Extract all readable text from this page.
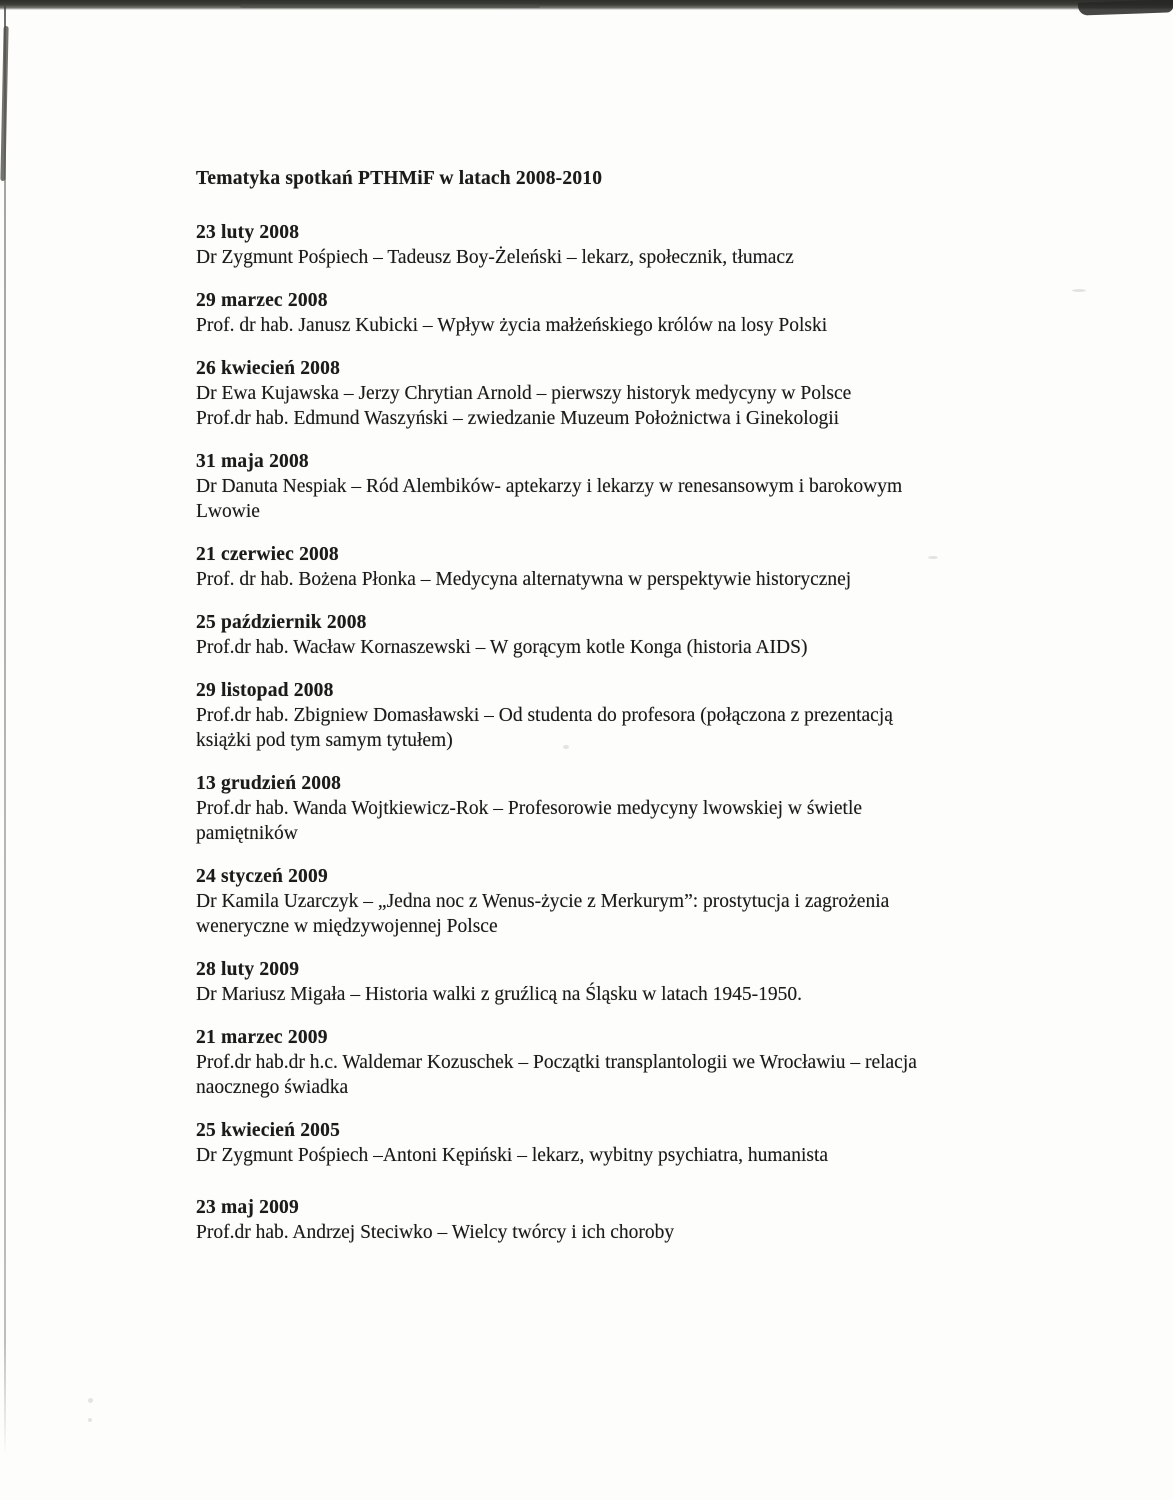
Tematyka spotkań PTHMiF w latach 2008-2010
23 luty 2008
Dr Zygmunt Pośpiech – Tadeusz Boy-Żeleński – lekarz, społecznik, tłumacz
29 marzec 2008
Prof. dr hab. Janusz Kubicki – Wpływ życia małżeńskiego królów na losy Polski
26 kwiecień 2008
Dr Ewa Kujawska – Jerzy Chrytian Arnold – pierwszy historyk medycyny w Polsce
Prof.dr hab. Edmund Waszyński – zwiedzanie Muzeum Położnictwa i Ginekologii
31 maja 2008
Dr Danuta Nespiak – Ród Alembików- aptekarzy i lekarzy w renesansowym i barokowym
Lwowie
21 czerwiec 2008
Prof. dr hab. Bożena Płonka – Medycyna alternatywna w perspektywie historycznej
25 październik 2008
Prof.dr hab. Wacław Kornaszewski – W gorącym kotle Konga (historia AIDS)
29 listopad 2008
Prof.dr hab. Zbigniew Domasławski – Od studenta do profesora (połączona z prezentacją
książki pod tym samym tytułem)
13 grudzień 2008
Prof.dr hab. Wanda Wojtkiewicz-Rok – Profesorowie medycyny lwowskiej w świetle
pamiętników
24 styczeń 2009
Dr Kamila Uzarczyk – „Jedna noc z Wenus-życie z Merkurym”: prostytucja i zagrożenia
weneryczne w międzywojennej Polsce
28 luty 2009
Dr Mariusz Migała – Historia walki z gruźlicą na Śląsku w latach 1945-1950.
21 marzec 2009
Prof.dr hab.dr h.c. Waldemar Kozuschek – Początki transplantologii we Wrocławiu – relacja
naocznego świadka
25 kwiecień 2005
Dr Zygmunt Pośpiech –Antoni Kępiński – lekarz, wybitny psychiatra, humanista
23 maj 2009
Prof.dr hab. Andrzej Steciwko – Wielcy twórcy i ich choroby
